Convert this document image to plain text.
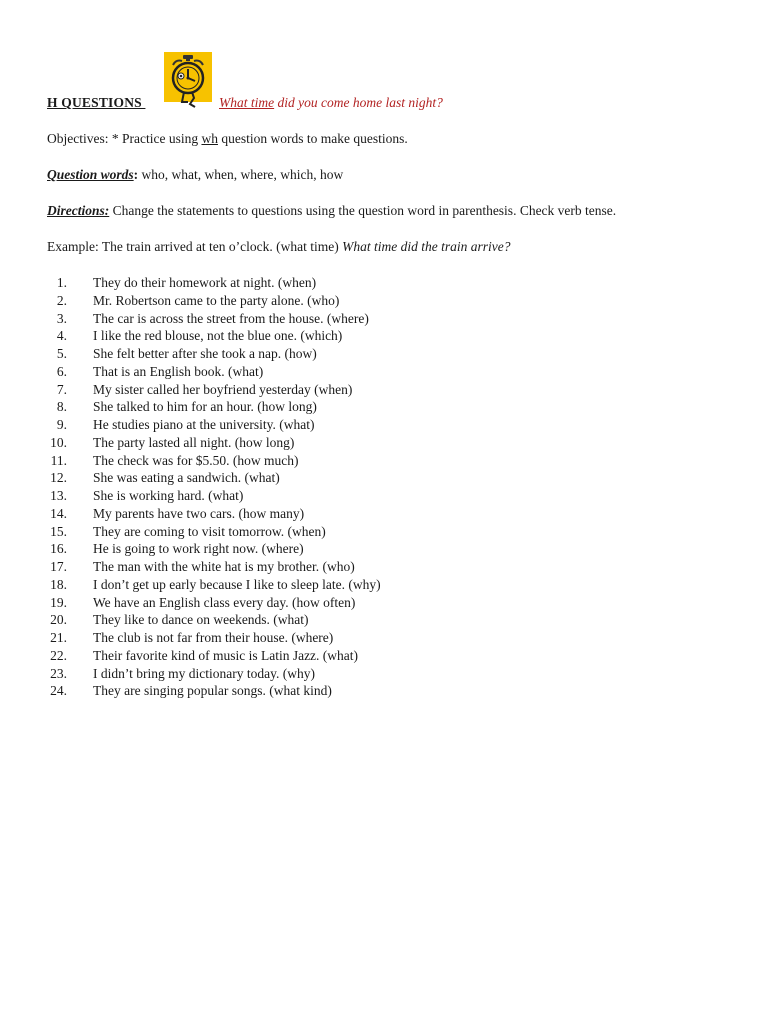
H QUESTIONS	What time did you come home last night?
Objectives: * Practice using wh question words to make questions.
Question words: who, what, when, where, which, how
Directions: Change the statements to questions using the question word in parenthesis. Check verb tense.
Example: The train arrived at ten o’clock. (what time) What time did the train arrive?
1. They do their homework at night. (when)
2. Mr. Robertson came to the party alone. (who)
3. The car is across the street from the house. (where)
4. I like the red blouse, not the blue one. (which)
5. She felt better after she took a nap. (how)
6. That is an English book. (what)
7. My sister called her boyfriend yesterday (when)
8. She talked to him for an hour. (how long)
9. He studies piano at the university. (what)
10. The party lasted all night. (how long)
11. The check was for $5.50. (how much)
12. She was eating a sandwich. (what)
13. She is working hard. (what)
14. My parents have two cars. (how many)
15. They are coming to visit tomorrow. (when)
16. He is going to work right now. (where)
17. The man with the white hat is my brother. (who)
18. I don’t get up early because I like to sleep late. (why)
19. We have an English class every day. (how often)
20. They like to dance on weekends. (what)
21. The club is not far from their house. (where)
22. Their favorite kind of music is Latin Jazz. (what)
23. I didn’t bring my dictionary today. (why)
24. They are singing popular songs. (what kind)
